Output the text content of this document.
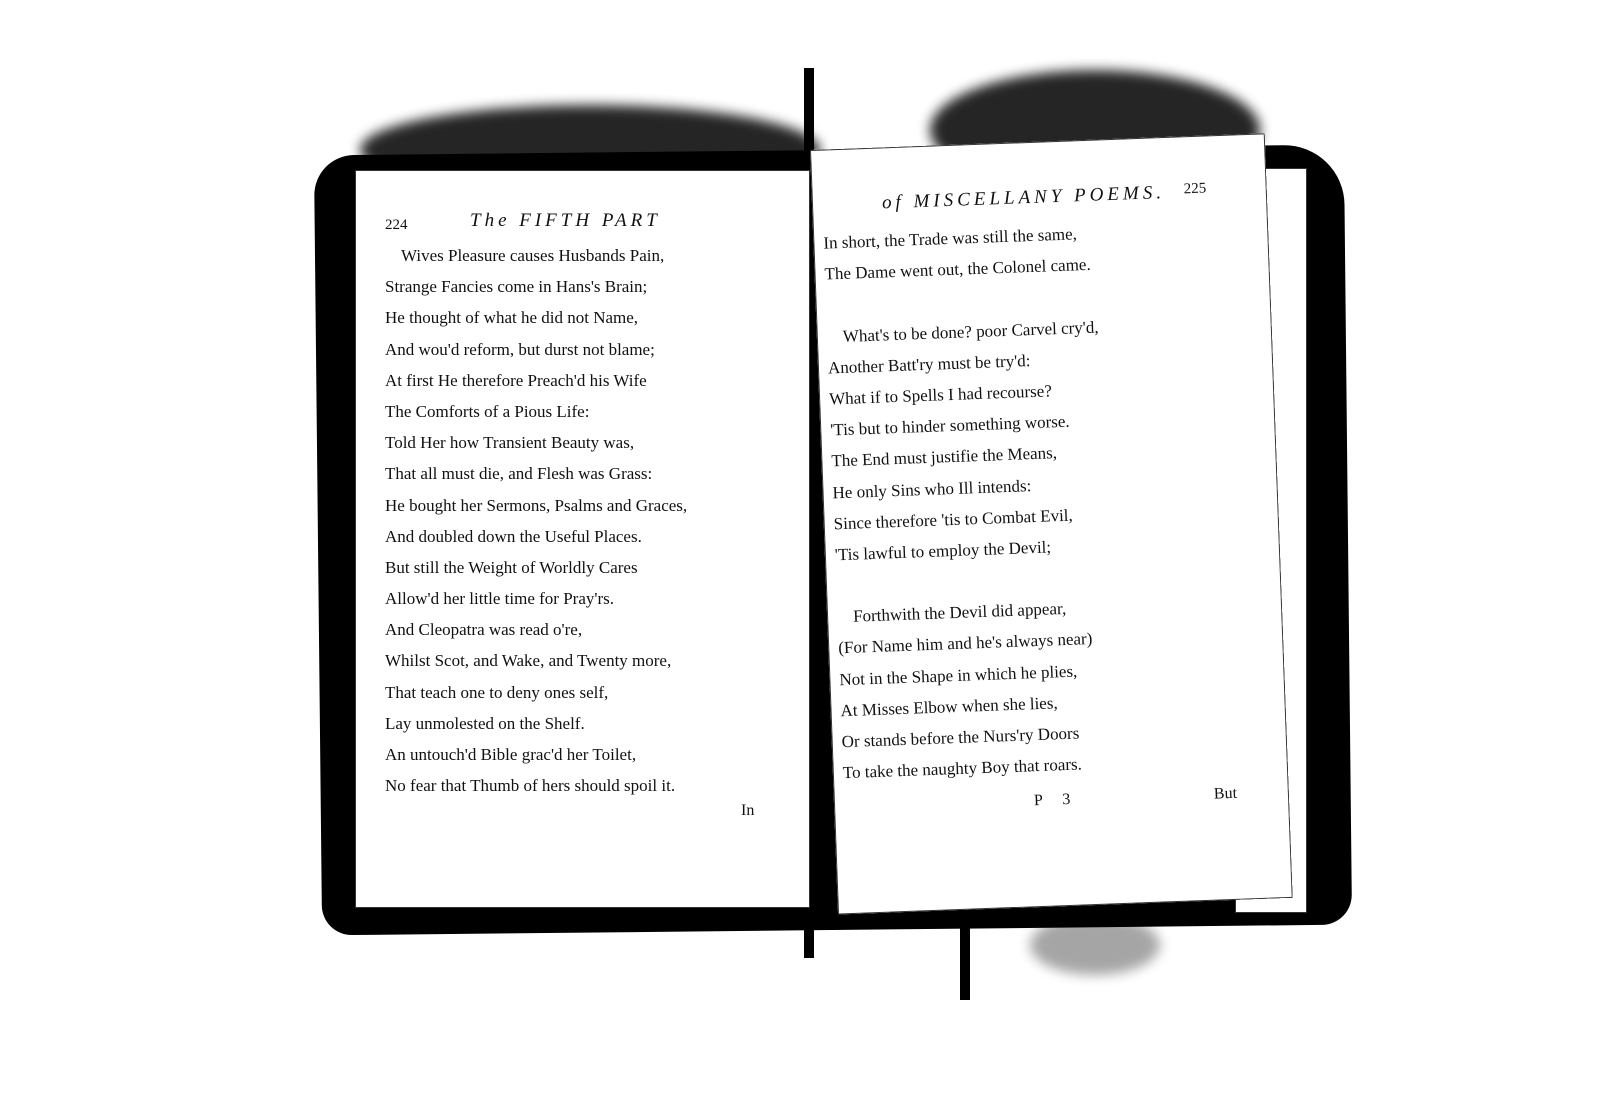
224	The FIFTH PART
Wives Pleasure causes Husbands Pain,
Strange Fancies come in Hans's Brain;
He thought of what he did not Name,
And wou'd reform, but durst not blame;
At first He therefore Preach'd his Wife
The Comforts of a Pious Life:
Told Her how Transient Beauty was,
That all must die, and Flesh was Grass:
He bought her Sermons, Psalms and Graces,
And doubled down the Useful Places.
But still the Weight of Worldly Cares
Allow'd her little time for Pray'rs.
And Cleopatra was read o're,
Whilst Scot, and Wake, and Twenty more,
That teach one to deny ones self,
Lay unmolested on the Shelf.
An untouch'd Bible grac'd her Toilet,
No fear that Thumb of hers should spoil it.
In
of MISCELLANY POEMS. 225
In short, the Trade was still the same,
The Dame went out, the Colonel came.
What's to be done? poor Carvel cry'd,
Another Batt'ry must be try'd:
What if to Spells I had recourse?
'Tis but to hinder something worse.
The End must justifie the Means,
He only Sins who Ill intends:
Since therefore 'tis to Combat Evil,
'Tis lawful to employ the Devil;
Forthwith the Devil did appear,
(For Name him and he's always near)
Not in the Shape in which he plies,
At Misses Elbow when she lies,
Or stands before the Nurs'ry Doors
To take the naughty Boy that roars.
P 3	But
